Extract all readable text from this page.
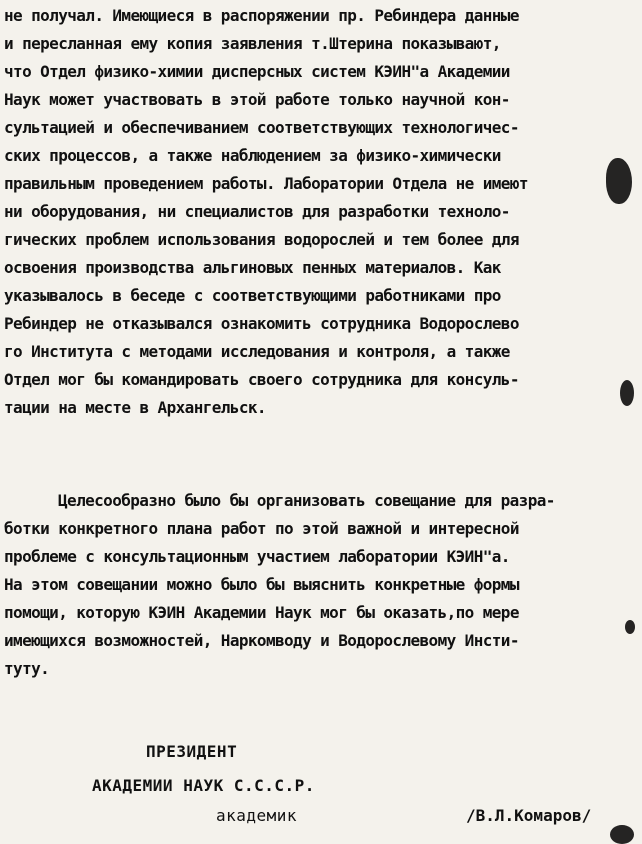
не получал. Имеющиеся в распоряжении пр. Ребиндера данные
и пересланная ему копия заявления т.Штерина показывают,
что Отдел физико-химии дисперсных систем КЭИН"а Академии
Наук может участвовать в этой работе только научной кон-
сультацией и обеспечиванием соответствующих технологичес-
ских процессов, а также наблюдением за физико-химически
правильным проведением работы. Лаборатории Отдела не имеют
ни оборудования, ни специалистов для разработки техноло-
гических проблем использования водорослей и тем более для
освоения производства альгиновых пенных материалов. Как
указывалось в беседе с соответствующими работниками про
Ребиндер не отказывался ознакомить сотрудника Водорослево
го Института с методами исследования и контроля, а также
Отдел мог бы командировать своего сотрудника для консуль-
тации на месте в Архангельск.
Целесообразно было бы организовать совещание для разра-
ботки конкретного плана работ по этой важной и интересной
проблеме с консультационным участием лаборатории КЭИН"а.
На этом совещании можно было бы выяснить конкретные формы
помощи, которую КЭИН Академии Наук мог бы оказать,по мере
имеющихся возможностей, Наркомводу и Водорослевому Инсти-
туту.
ПРЕЗИДЕНТ
АКАДЕМИИ НАУК С.С.С.Р.
академик	/В.Л.Комаров/
